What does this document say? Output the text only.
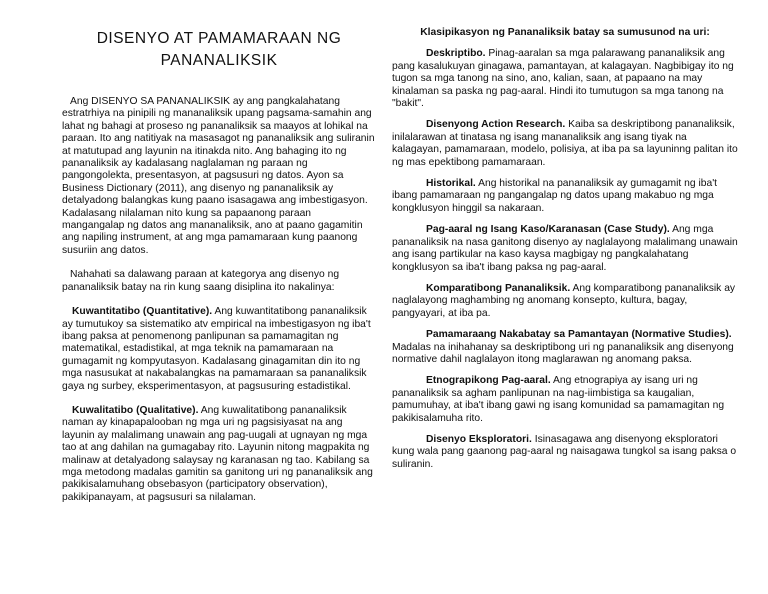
DISENYO AT PAMAMARAAN NG PANANALIKSIK

Ang DISENYO SA PANANALIKSIK ay ang pangkalahatang estratrhiya na pinipili ng mananaliksik upang pagsama-samahin ang lahat ng bahagi at proseso ng pananaliksik sa maayos at lohikal na paraan. Ito ang natitiyak na masasagot ng pananaliksik ang suliranin at matutupad ang layunin na itinakda nito. Ang bahaging ito ng pananaliksik ay kadalasang naglalaman ng paraan ng pangongolekta, presentasyon, at pagsusuri ng datos. Ayon sa Business Dictionary (2011), ang disenyo ng pananaliksik ay detalyadong balangkas kung paano isasagawa ang imbestigasyon. Kadalasang nilalaman nito kung sa papaanong paraan mangangalap ng datos ang mananaliksik, ano at paano gagamitin ang napiling instrument, at ang mga pamamaraan kung paanong susuriin ang datos.

Nahahati sa dalawang paraan at kategorya ang disenyo ng pananaliksik batay na rin kung saang disiplina ito nakalinya:

Kuwantitatibo (Quantitative). Ang kuwantitatibong pananaliksik ay tumutukoy sa sistematiko atv empirical na imbestigasyon ng iba't ibang paksa at penomenong panlipunan sa pamamagitan ng matematikal, estadistikal, at mga teknik na pamamaraan na gumagamit ng kompyutasyon. Kadalasang ginagamitan din ito ng mga nasusukat at nakabalangkas na pamamaraan sa pananaliksik gaya ng surbey, eksperimentasyon, at pagsusuring estadistikal.

Kuwalitatibo (Qualitative). Ang kuwalitatibong pananaliksik naman ay kinapapalooban ng mga uri ng pagsisiyasat na ang layunin ay malalimang unawain ang pag-uugali at ugnayan ng mga tao at ang dahilan na gumagabay rito. Layunin nitong magpakita ng malinaw at detalyadong salaysay ng karanasan ng tao. Kabilang sa mga metodong madalas gamitin sa ganitong uri ng pananaliksik ang pakikisalamuhang obsebasyon (participatory observation), pakikipanayam, at pagsusuri sa nilalaman.

Klasipikasyon ng Pananaliksik batay sa sumusunod na uri:

Deskriptibo. Pinag-aaralan sa mga palarawang pananaliksik ang pang kasalukuyan ginagawa, pamantayan, at kalagayan. Nagbibigay ito ng tugon sa mga tanong na sino, ano, kalian, saan, at papaano na may kinalaman sa paska ng pag-aaral. Hindi ito tumutugon sa mga tanong na "bakit".

Disenyong Action Research. Kaiba sa deskriptibong pananaliksik, inilalarawan at tinatasa ng isang mananaliksik ang isang tiyak na kalagayan, pamamaraan, modelo, polisiya, at iba pa sa layuninng palitan ito ng mas epektibong pamamaraan.

Historikal. Ang historikal na pananaliksik ay gumagamit ng iba't ibang pamamaraan ng pangangalap ng datos upang makabuo ng mga kongklusyon hinggil sa nakaraan.

Pag-aaral ng Isang Kaso/Karanasan (Case Study). Ang mga pananaliksik na nasa ganitong disenyo ay naglalayong malalimang unawain ang isang partikular na kaso kaysa magbigay ng pangkalahatang kongklusyon sa iba't ibang paksa ng pag-aaral.

Komparatibong Pananaliksik. Ang komparatibong pananaliksik ay naglalayong maghambing ng anomang konsepto, kultura, bagay, pangyayari, at iba pa.

Pamamaraang Nakabatay sa Pamantayan (Normative Studies). Madalas na inihahanay sa deskriptibong uri ng pananaliksik ang disenyong normative dahil naglalayon itong maglarawan ng anomang paksa.

Etnograpikong Pag-aaral. Ang etnograpiya ay isang uri ng pananaliksik sa agham panlipunan na nag-iimbistiga sa kaugalian, pamumuhay, at iba't ibang gawi ng isang komunidad sa pamamagitan ng pakikisalamuha rito.

Disenyo Eksploratori. Isinasagawa ang disenyong eksploratori kung wala pang gaanong pag-aaral ng naisagawa tungkol sa isang paksa o suliranin.
